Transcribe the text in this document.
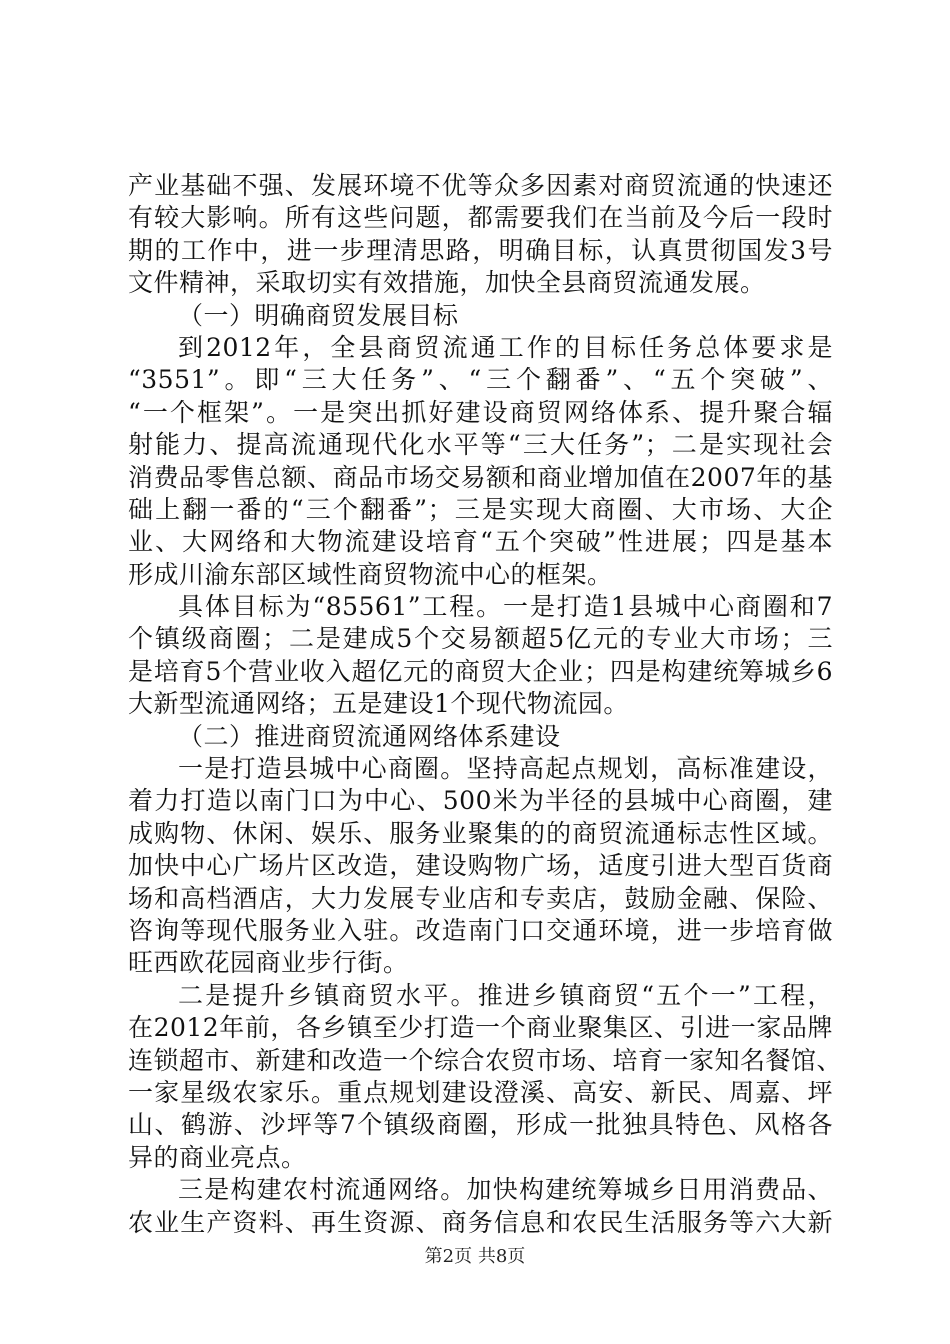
产业基础不强、发展环境不优等众多因素对商贸流通的快速还
有较大影响。所有这些问题，都需要我们在当前及今后一段时
期的工作中，进一步理清思路，明确目标，认真贯彻国发3号
文件精神，采取切实有效措施，加快全县商贸流通发展。
（一）明确商贸发展目标
到2012年，全县商贸流通工作的目标任务总体要求是
“3551”。即“三大任务”、“三个翻番”、“五个突破”、
“一个框架”。一是突出抓好建设商贸网络体系、提升聚合辐
射能力、提高流通现代化水平等“三大任务”；二是实现社会
消费品零售总额、商品市场交易额和商业增加值在2007年的基
础上翻一番的“三个翻番”；三是实现大商圈、大市场、大企
业、大网络和大物流建设培育“五个突破”性进展；四是基本
形成川渝东部区域性商贸物流中心的框架。
具体目标为“85561”工程。一是打造1县城中心商圈和7
个镇级商圈；二是建成5个交易额超5亿元的专业大市场；三
是培育5个营业收入超亿元的商贸大企业；四是构建统筹城乡6
大新型流通网络；五是建设1个现代物流园。
（二）推进商贸流通网络体系建设
一是打造县城中心商圈。坚持高起点规划，高标准建设，
着力打造以南门口为中心、500米为半径的县城中心商圈，建
成购物、休闲、娱乐、服务业聚集的的商贸流通标志性区域。
加快中心广场片区改造，建设购物广场，适度引进大型百货商
场和高档酒店，大力发展专业店和专卖店，鼓励金融、保险、
咨询等现代服务业入驻。改造南门口交通环境，进一步培育做
旺西欧花园商业步行街。
二是提升乡镇商贸水平。推进乡镇商贸“五个一”工程，
在2012年前，各乡镇至少打造一个商业聚集区、引进一家品牌
连锁超市、新建和改造一个综合农贸市场、培育一家知名餐馆、
一家星级农家乐。重点规划建设澄溪、高安、新民、周嘉、坪
山、鹤游、沙坪等7个镇级商圈，形成一批独具特色、风格各
异的商业亮点。
三是构建农村流通网络。加快构建统筹城乡日用消费品、
农业生产资料、再生资源、商务信息和农民生活服务等六大新
第2页 共8页
